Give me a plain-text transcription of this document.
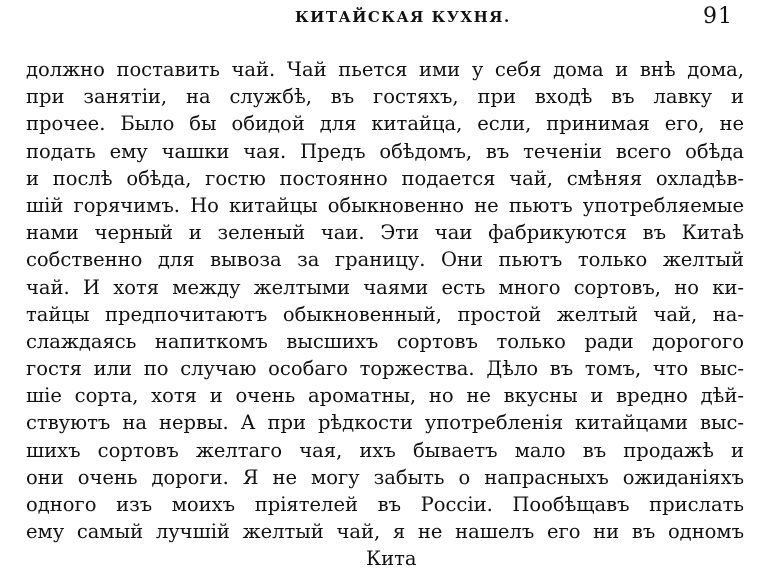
КИТАЙСКАЯ КУХНЯ.	91
должно поставить чай. Чай пьется ими у себя дома и внѣ дома,
при занятіи, на службѣ, въ гостяхъ, при входѣ въ лавку и
прочее. Было бы обидой для китайца, если, принимая его, не
подать ему чашки чая. Предъ обѣдомъ, въ теченіи всего обѣда
и послѣ обѣда, гостю постоянно подается чай, смѣняя охладѣв-
шій горячимъ. Но китайцы обыкновенно не пьютъ употребляемые
нами черный и зеленый чаи. Эти чаи фабрикуются въ Китаѣ
собственно для вывоза за границу. Они пьютъ только желтый
чай. И хотя между желтыми чаями есть много сортовъ, но ки-
тайцы предпочитаютъ обыкновенный, простой желтый чай, на-
слаждаясь напиткомъ высшихъ сортовъ только ради дорогого
гостя или по случаю особаго торжества. Дѣло въ томъ, что выс-
шіе сорта, хотя и очень ароматны, но не вкусны и вредно дѣй-
ствуютъ на нервы. А при рѣдкости употребленія китайцами выс-
шихъ сортовъ желтаго чая, ихъ бываетъ мало въ продажѣ и
они очень дороги. Я не могу забыть о напрасныхъ ожиданіяхъ
одного изъ моихъ пріятелей въ Россіи. Пообѣщавъ прислать
ему самый лучшій желтый чай, я не нашелъ его ни въ одномъ
Кита
